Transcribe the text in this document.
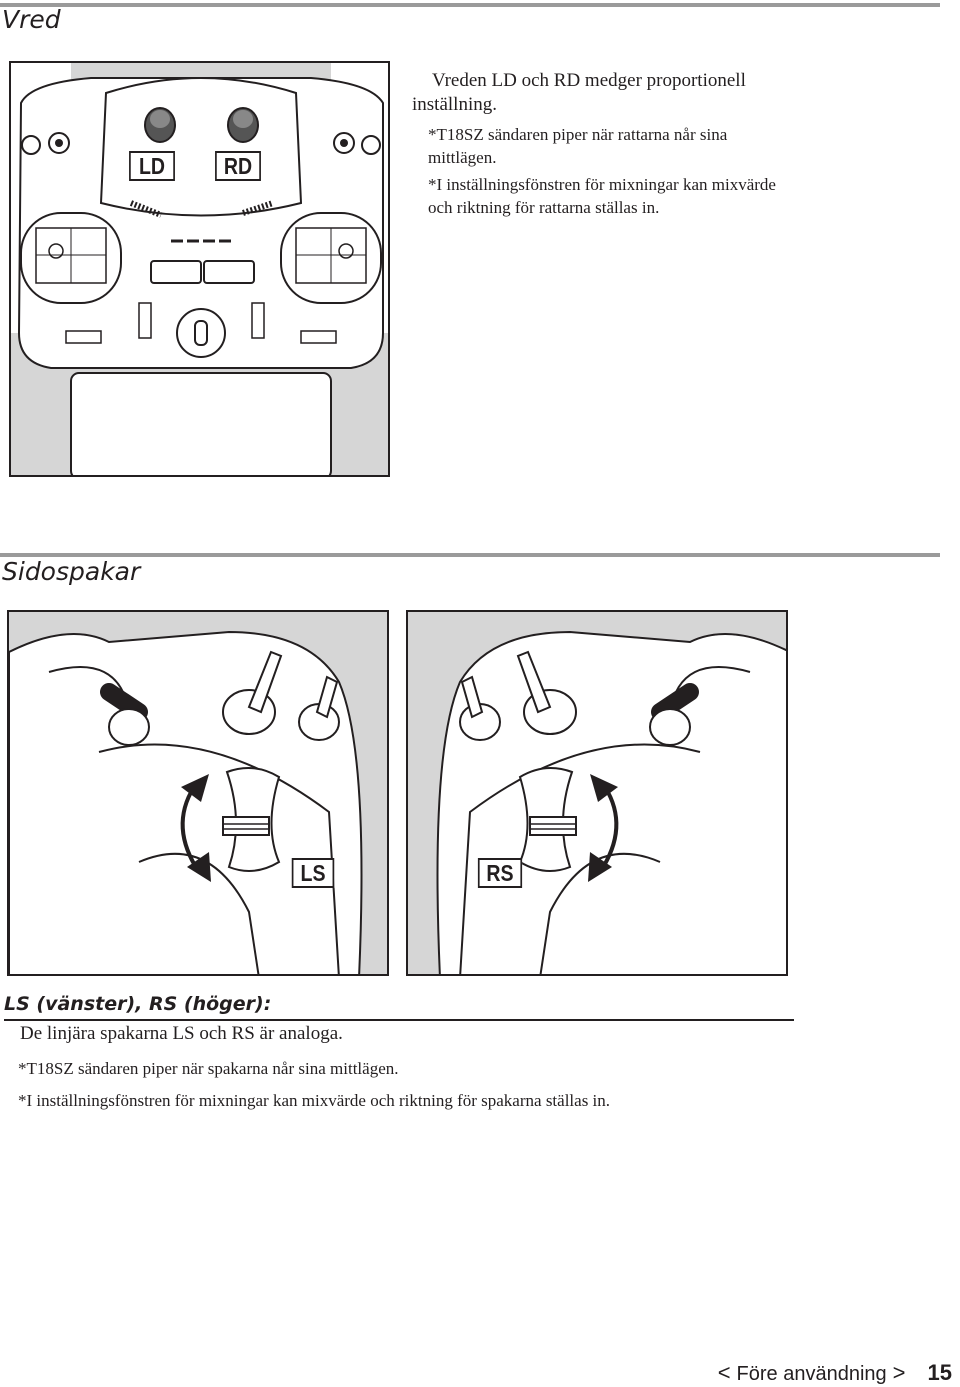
Vred
LD	RD

Vreden LD och RD medger proportionell inställning.

*T18SZ sändaren piper när rattarna når sina mittlägen.

*I inställningsfönstren för mixningar kan mixvärde och riktning för rattarna ställas in.

Sidospakar
LS	RS
LS (vänster), RS (höger):
De linjära spakarna LS och RS är analoga.
*T18SZ sändaren piper när spakarna når sina mittlägen.
*I inställningsfönstren för mixningar kan mixvärde och riktning för spakarna ställas in.
< Före användning > 15
